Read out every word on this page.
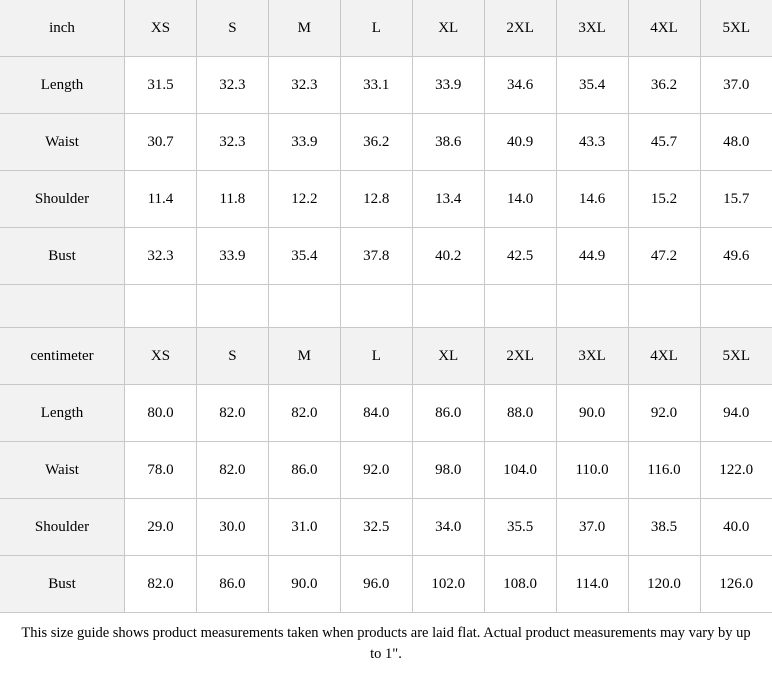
inch	XS	S	M	L	XL	2XL	3XL	4XL	5XL
Length	31.5	32.3	32.3	33.1	33.9	34.6	35.4	36.2	37.0
Waist	30.7	32.3	33.9	36.2	38.6	40.9	43.3	45.7	48.0
Shoulder	11.4	11.8	12.2	12.8	13.4	14.0	14.6	15.2	15.7
Bust	32.3	33.9	35.4	37.8	40.2	42.5	44.9	47.2	49.6

centimeter	XS	S	M	L	XL	2XL	3XL	4XL	5XL
Length	80.0	82.0	82.0	84.0	86.0	88.0	90.0	92.0	94.0
Waist	78.0	82.0	86.0	92.0	98.0	104.0	110.0	116.0	122.0
Shoulder	29.0	30.0	31.0	32.5	34.0	35.5	37.0	38.5	40.0
Bust	82.0	86.0	90.0	96.0	102.0	108.0	114.0	120.0	126.0
This size guide shows product measurements taken when products are laid flat. Actual product measurements may vary by up to 1".
